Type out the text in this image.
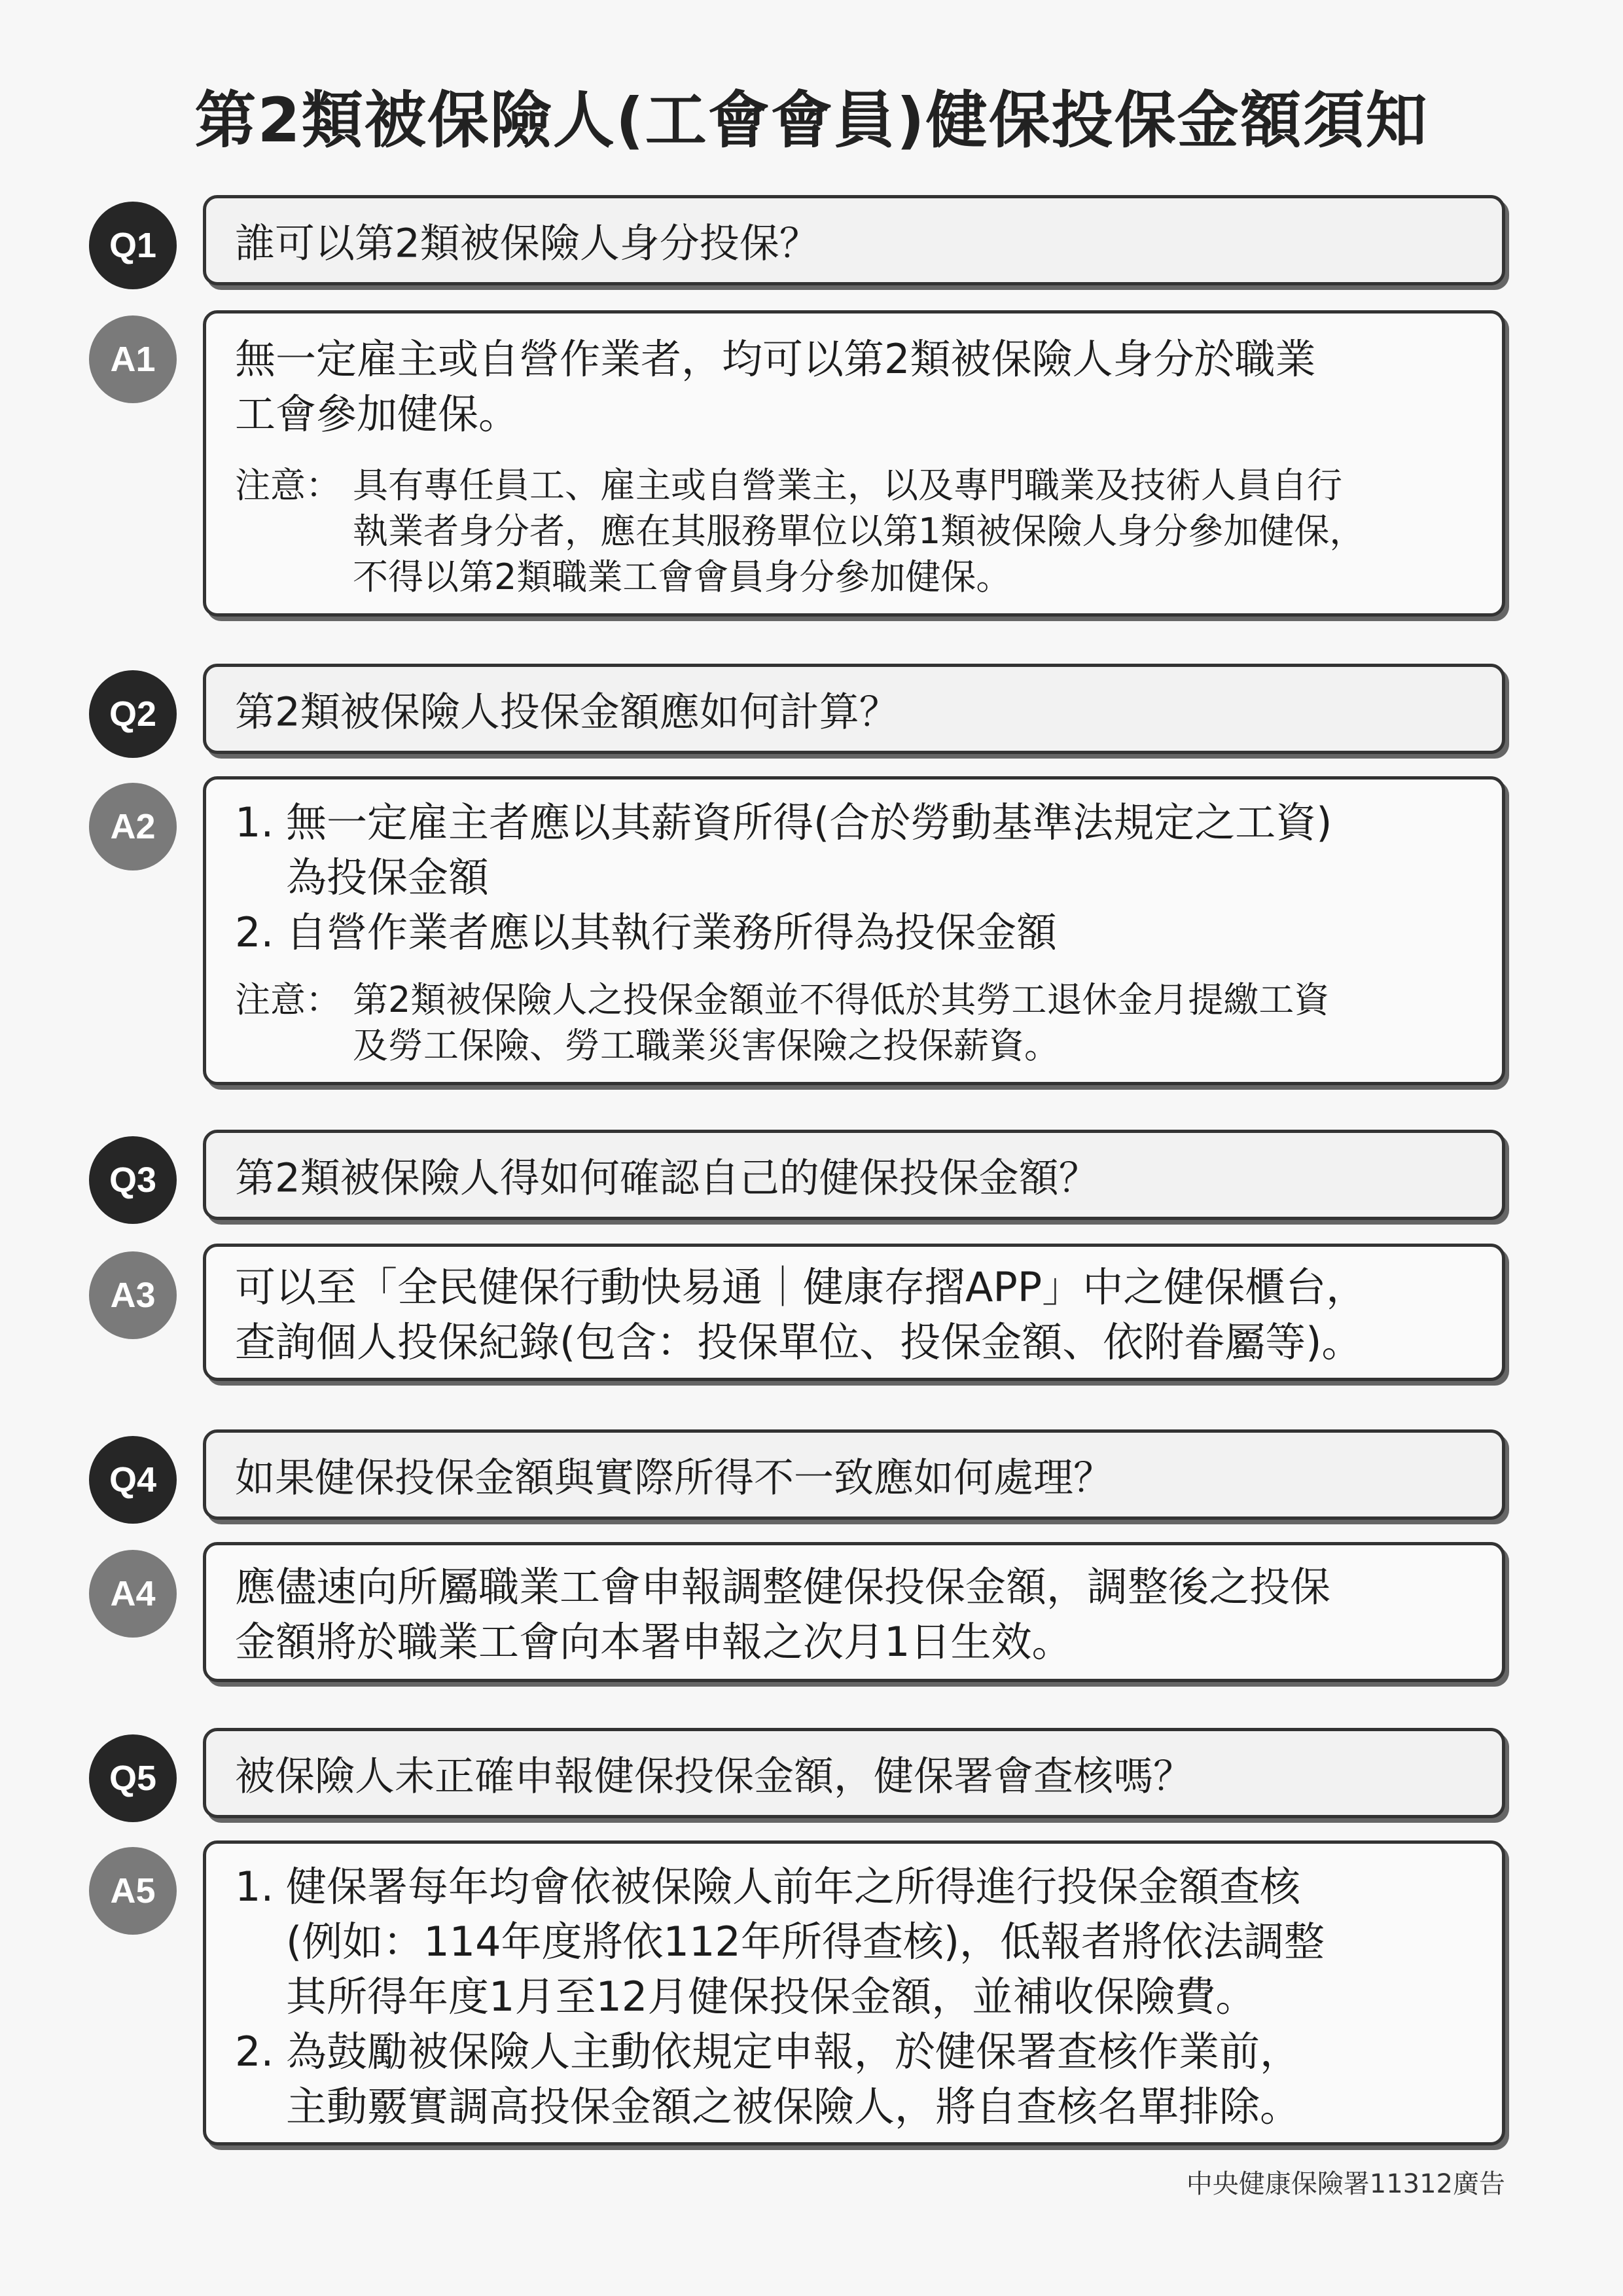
第2類被保險人(工會會員)健保投保金額須知
Q1	誰可以第2類被保險人身分投保？
A1	無一定雇主或自營作業者，均可以第2類被保險人身分於職業
工會參加健保。
注意： 具有專任員工、雇主或自營業主，以及專門職業及技術人員自行
執業者身分者，應在其服務單位以第1類被保險人身分參加健保，
不得以第2類職業工會會員身分參加健保。
Q2	第2類被保險人投保金額應如何計算？
A2	1. 無一定雇主者應以其薪資所得(合於勞動基準法規定之工資)
為投保金額
2. 自營作業者應以其執行業務所得為投保金額
注意： 第2類被保險人之投保金額並不得低於其勞工退休金月提繳工資
及勞工保險、勞工職業災害保險之投保薪資。
Q3	第2類被保險人得如何確認自己的健保投保金額？
A3	可以至「全民健保行動快易通｜健康存摺APP」中之健保櫃台，
查詢個人投保紀錄(包含：投保單位、投保金額、依附眷屬等)。
Q4	如果健保投保金額與實際所得不一致應如何處理？
A4	應儘速向所屬職業工會申報調整健保投保金額，調整後之投保
金額將於職業工會向本署申報之次月1日生效。
Q5	被保險人未正確申報健保投保金額，健保署會查核嗎？
A5	1. 健保署每年均會依被保險人前年之所得進行投保金額查核
(例如：114年度將依112年所得查核)，低報者將依法調整
其所得年度1月至12月健保投保金額，並補收保險費。
2. 為鼓勵被保險人主動依規定申報，於健保署查核作業前，
主動覈實調高投保金額之被保險人，將自查核名單排除。
中央健康保險署11312廣告
